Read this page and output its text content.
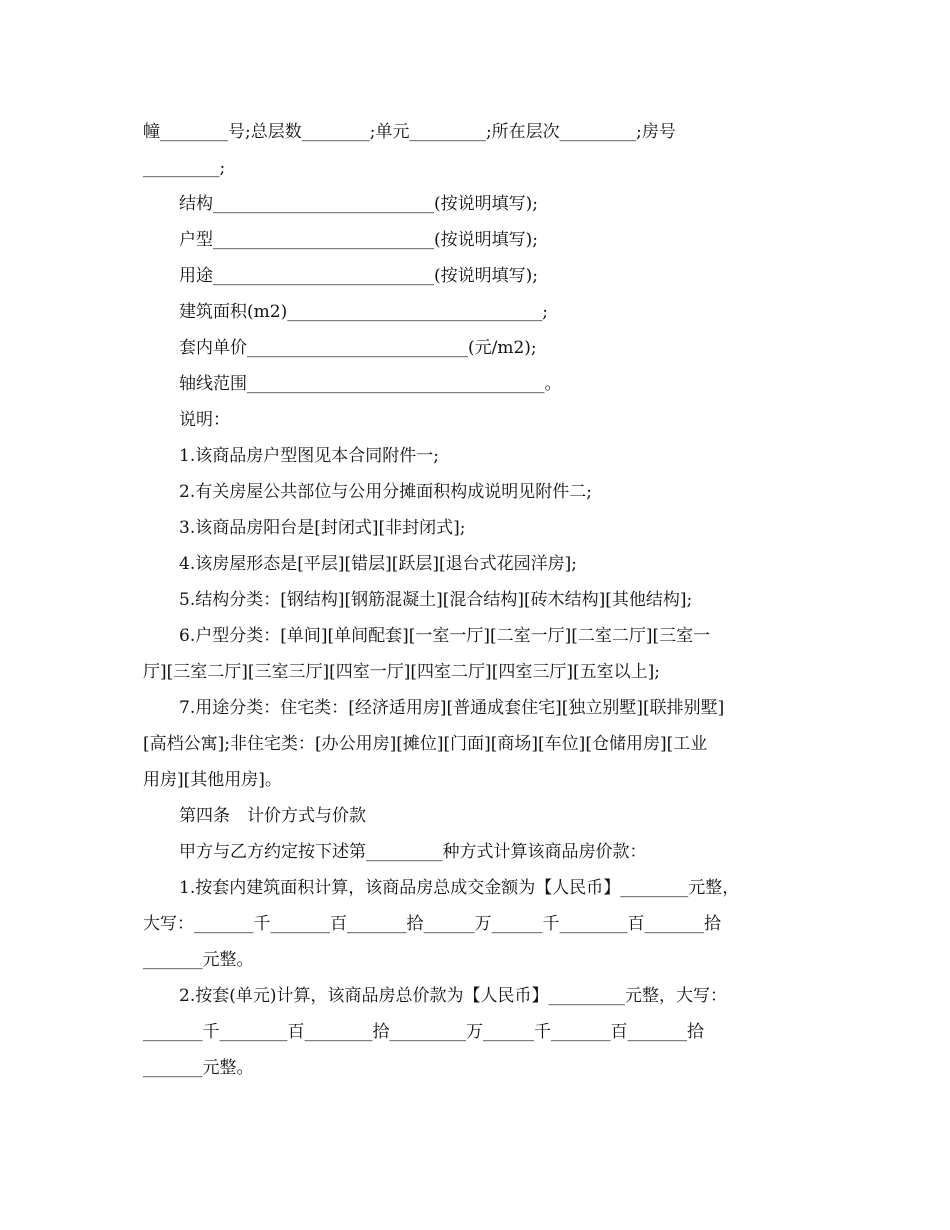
幢________号;总层数________;单元_________;所在层次_________;房号
_________;
结构__________________________(按说明填写);
户型__________________________(按说明填写);
用途__________________________(按说明填写);
建筑面积(m2)______________________________;
套内单价__________________________(元/m2);
轴线范围___________________________________。
说明：
1.该商品房户型图见本合同附件一;
2.有关房屋公共部位与公用分摊面积构成说明见附件二;
3.该商品房阳台是[封闭式][非封闭式];
4.该房屋形态是[平层][错层][跃层][退台式花园洋房];
5.结构分类：[钢结构][钢筋混凝土][混合结构][砖木结构][其他结构];
6.户型分类：[单间][单间配套][一室一厅][二室一厅][二室二厅][三室一
厅][三室二厅][三室三厅][四室一厅][四室二厅][四室三厅][五室以上];
7.用途分类：住宅类：[经济适用房][普通成套住宅][独立别墅][联排别墅]
[高档公寓];非住宅类：[办公用房][摊位][门面][商场][车位][仓储用房][工业
用房][其他用房]。
第四条　计价方式与价款
甲方与乙方约定按下述第_________种方式计算该商品房价款：
1.按套内建筑面积计算，该商品房总成交金额为【人民币】________元整，
大写：_______千_______百_______拾______万______千________百_______拾
_______元整。
2.按套(单元)计算，该商品房总价款为【人民币】_________元整，大写：
_______千________百________拾_________万______千_______百_______拾
_______元整。
